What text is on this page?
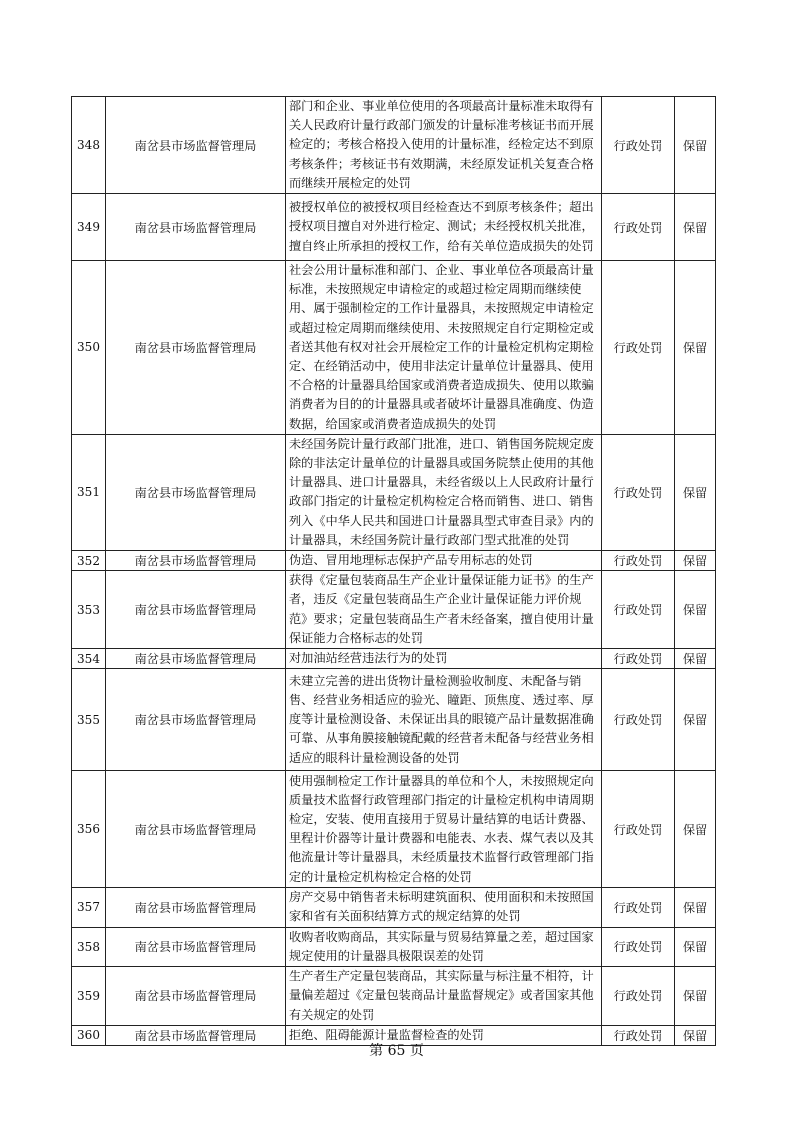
348	南岔县市场监督管理局	部门和企业、事业单位使用的各项最高计量标准未取得有关人民政府计量行政部门颁发的计量标准考核证书而开展检定的；考核合格投入使用的计量标准，经检定达不到原考核条件；考核证书有效期满，未经原发证机关复查合格而继续开展检定的处罚	行政处罚	保留
349	南岔县市场监督管理局	被授权单位的被授权项目经检查达不到原考核条件；超出授权项目擅自对外进行检定、测试；未经授权机关批准，擅自终止所承担的授权工作，给有关单位造成损失的处罚	行政处罚	保留
350	南岔县市场监督管理局	社会公用计量标准和部门、企业、事业单位各项最高计量标准，未按照规定申请检定的或超过检定周期而继续使用、属于强制检定的工作计量器具，未按照规定申请检定或超过检定周期而继续使用、未按照规定自行定期检定或者送其他有权对社会开展检定工作的计量检定机构定期检定、在经销活动中，使用非法定计量单位计量器具、使用不合格的计量器具给国家或消费者造成损失、使用以欺骗消费者为目的的计量器具或者破坏计量器具准确度、伪造数据，给国家或消费者造成损失的处罚	行政处罚	保留
351	南岔县市场监督管理局	未经国务院计量行政部门批准，进口、销售国务院规定废除的非法定计量单位的计量器具或国务院禁止使用的其他计量器具、进口计量器具，未经省级以上人民政府计量行政部门指定的计量检定机构检定合格而销售、进口、销售列入《中华人民共和国进口计量器具型式审查目录》内的计量器具，未经国务院计量行政部门型式批准的处罚	行政处罚	保留
352	南岔县市场监督管理局	伪造、冒用地理标志保护产品专用标志的处罚	行政处罚	保留
353	南岔县市场监督管理局	获得《定量包装商品生产企业计量保证能力证书》的生产者，违反《定量包装商品生产企业计量保证能力评价规范》要求；定量包装商品生产者未经备案，擅自使用计量保证能力合格标志的处罚	行政处罚	保留
354	南岔县市场监督管理局	对加油站经营违法行为的处罚	行政处罚	保留
355	南岔县市场监督管理局	未建立完善的进出货物计量检测验收制度、未配备与销售、经营业务相适应的验光、瞳距、顶焦度、透过率、厚度等计量检测设备、未保证出具的眼镜产品计量数据准确可靠、从事角膜接触镜配戴的经营者未配备与经营业务相适应的眼科计量检测设备的处罚	行政处罚	保留
356	南岔县市场监督管理局	使用强制检定工作计量器具的单位和个人，未按照规定向质量技术监督行政管理部门指定的计量检定机构申请周期检定，安装、使用直接用于贸易计量结算的电话计费器、里程计价器等计量计费器和电能表、水表、煤气表以及其他流量计等计量器具，未经质量技术监督行政管理部门指定的计量检定机构检定合格的处罚	行政处罚	保留
357	南岔县市场监督管理局	房产交易中销售者未标明建筑面积、使用面积和未按照国家和省有关面积结算方式的规定结算的处罚	行政处罚	保留
358	南岔县市场监督管理局	收购者收购商品，其实际量与贸易结算量之差，超过国家规定使用的计量器具极限误差的处罚	行政处罚	保留
359	南岔县市场监督管理局	生产者生产定量包装商品，其实际量与标注量不相符，计量偏差超过《定量包装商品计量监督规定》或者国家其他有关规定的处罚	行政处罚	保留
360	南岔县市场监督管理局	拒绝、阻碍能源计量监督检查的处罚	行政处罚	保留
第 65 页
